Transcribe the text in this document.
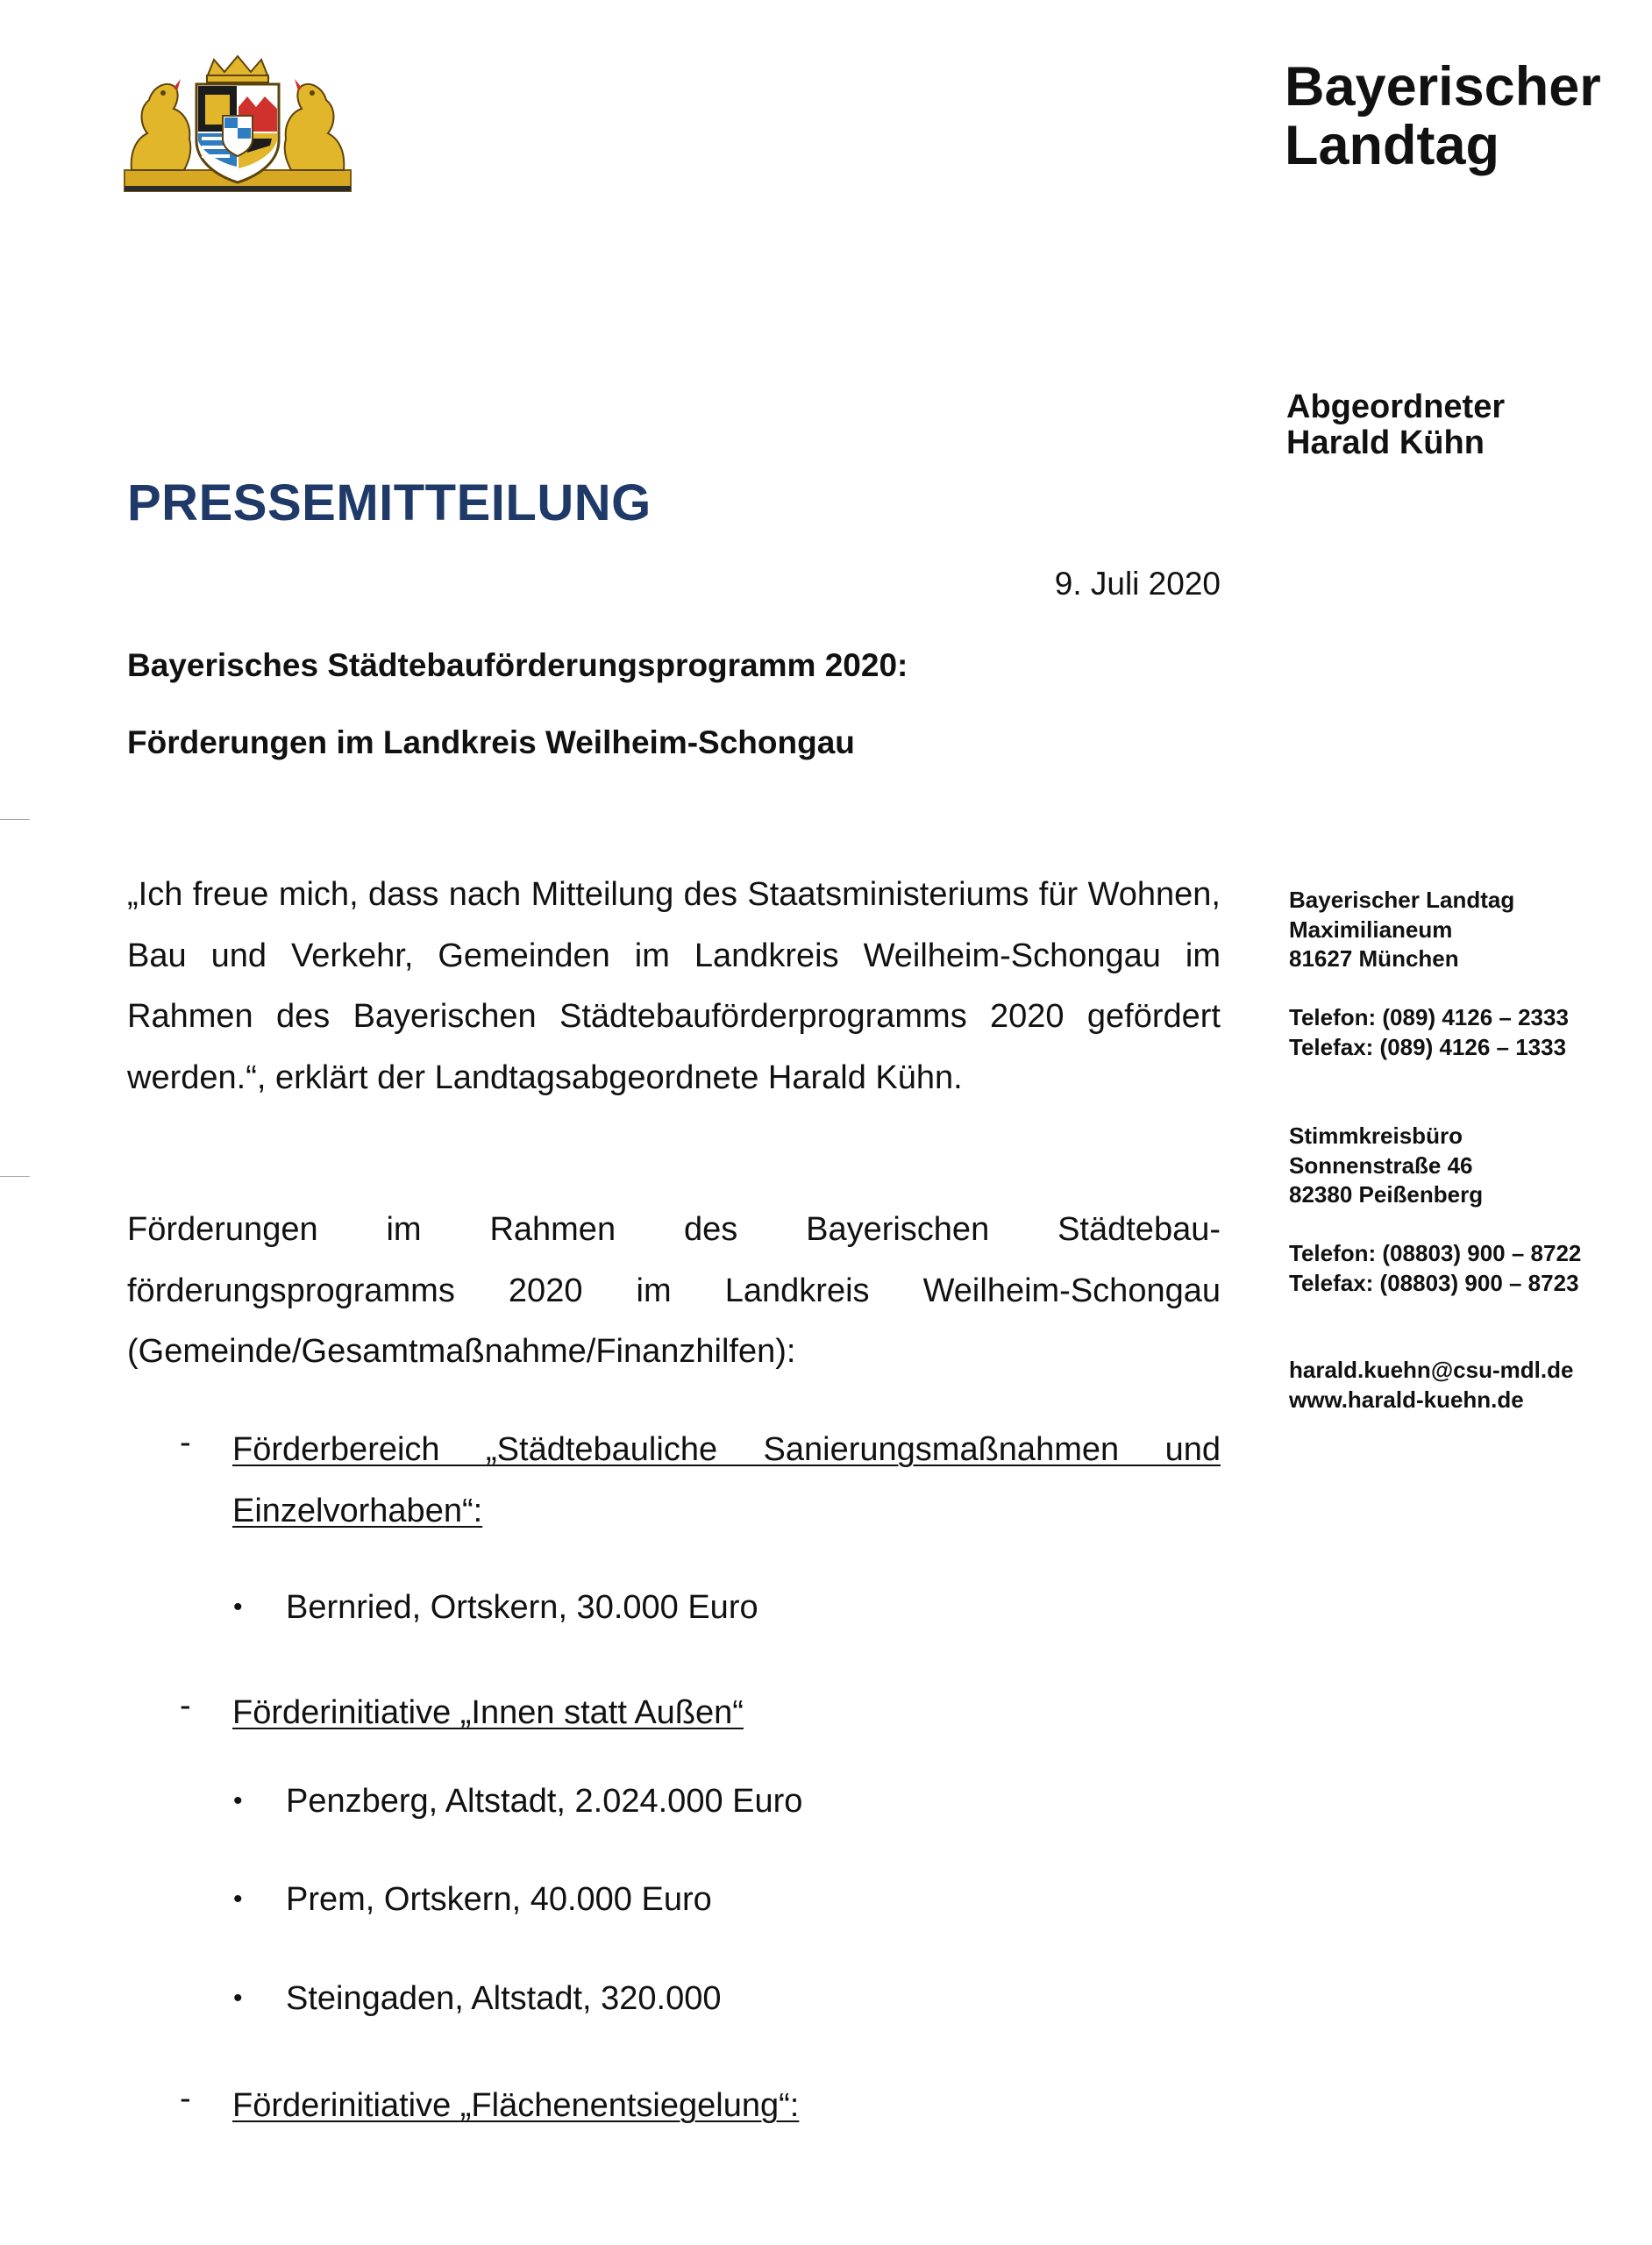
Bayerischer
Landtag
Abgeordneter
Harald Kühn
PRESSEMITTEILUNG
9. Juli 2020
Bayerisches Städtebauförderungsprogramm 2020:
Förderungen im Landkreis Weilheim-Schongau

„Ich freue mich, dass nach Mitteilung des Staatsministeriums für Wohnen, Bau und Verkehr, Gemeinden im Landkreis Weilheim-Schongau im Rahmen des Bayerischen Städtebauförderprogramms 2020 gefördert werden.“, erklärt der Landtagsabgeordnete Harald Kühn.

Förderungen im Rahmen des Bayerischen Städtebau-förderungsprogramms 2020 im Landkreis Weilheim-Schongau (Gemeinde/Gesamtmaßnahme/Finanzhilfen):

- Förderbereich „Städtebauliche Sanierungsmaßnahmen und Einzelvorhaben“:
• Bernried, Ortskern, 30.000 Euro
- Förderinitiative „Innen statt Außen“
• Penzberg, Altstadt, 2.024.000 Euro
• Prem, Ortskern, 40.000 Euro
• Steingaden, Altstadt, 320.000
- Förderinitiative „Flächenentsiegelung“:
Bayerischer Landtag
Maximilianeum
81627 München
Telefon: (089) 4126 – 2333
Telefax: (089) 4126 – 1333
Stimmkreisbüro
Sonnenstraße 46
82380 Peißenberg
Telefon: (08803) 900 – 8722
Telefax: (08803) 900 – 8723
harald.kuehn@csu-mdl.de
www.harald-kuehn.de
